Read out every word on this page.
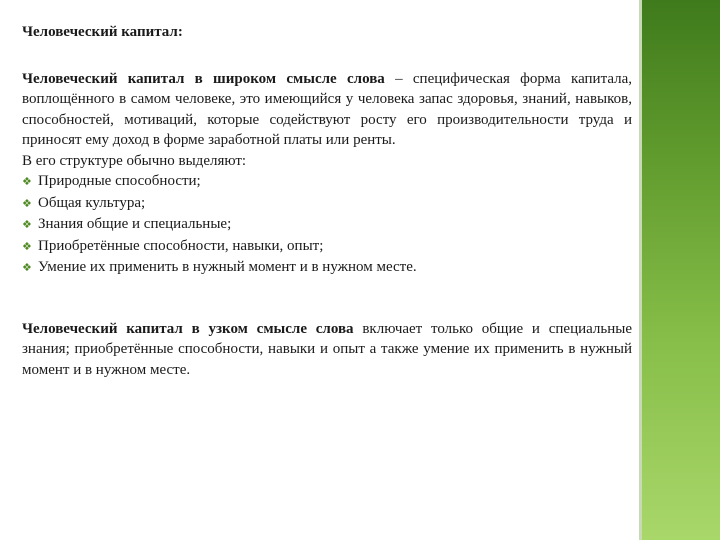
Человеческий капитал:

Человеческий капитал в широком смысле слова – специфическая форма капитала, воплощённого в самом человеке, это имеющийся у человека запас здоровья, знаний, навыков, способностей, мотиваций, которые содействуют росту его производительности труда и приносят ему доход в форме заработной платы или ренты.

В его структуре обычно выделяют:

❖ Природные способности;
❖ Общая культура;
❖ Знания общие и специальные;
❖ Приобретённые способности, навыки, опыт;
❖ Умение их применить в нужный момент и в нужном месте.

Человеческий капитал в узком смысле слова включает только общие и специальные знания; приобретённые способности, навыки и опыт а также умение их применить в нужный момент и в нужном месте.
